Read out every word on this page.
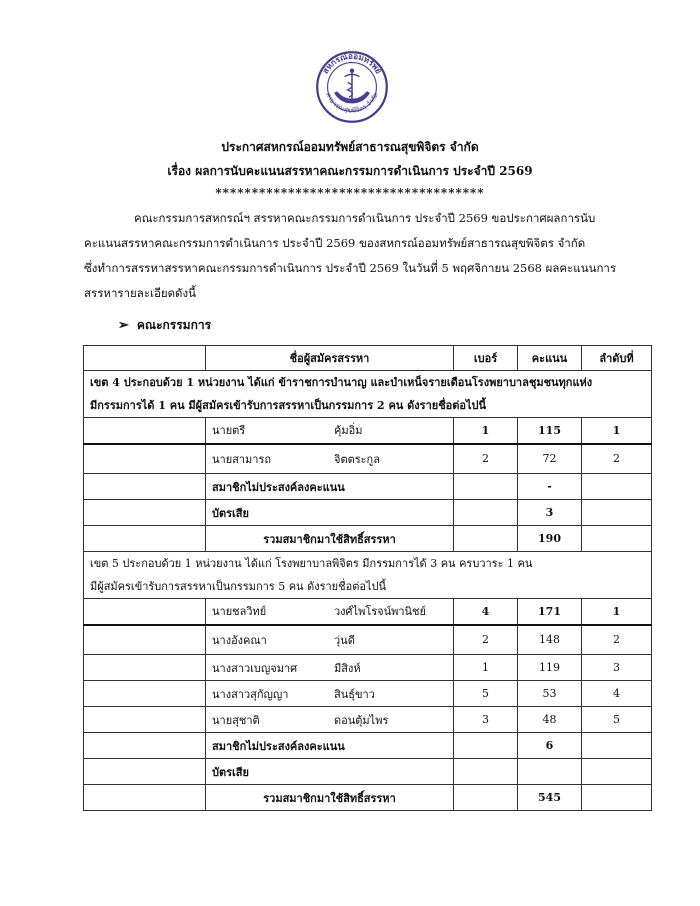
สหกรณ์ออมทรัพย์
สาธารณสุขพิจิตร จำกัด
ประกาศสหกรณ์ออมทรัพย์สาธารณสุขพิจิตร จำกัด
เรื่อง ผลการนับคะแนนสรรหาคณะกรรมการดำเนินการ ประจำปี 2569
*************************************
คณะกรรมการสหกรณ์ฯ สรรหาคณะกรรมการดำเนินการ ประจำปี 2569 ขอประกาศผลการนับ
คะแนนสรรหาคณะกรรมการดำเนินการ ประจำปี 2569 ของสหกรณ์ออมทรัพย์สาธารณสุขพิจิตร จำกัด
ซึ่งทำการสรรหาสรรหาคณะกรรมการดำเนินการ ประจำปี 2569 ในวันที่ 5 พฤศจิกายน 2568 ผลคะแนนการ
สรรหารายละเอียดดังนี้
➢ คณะกรรมการ
	ชื่อผู้สมัครสรรหา	เบอร์	คะแนน	ลำดับที่

เขต 4 ประกอบด้วย 1 หน่วยงาน ได้แก่ ข้าราชการบำนาญ และบำเหน็จรายเดือนโรงพยาบาลชุมชนทุกแห่ง
มีกรรมการได้ 1 คน มีผู้สมัครเข้ารับการสรรหาเป็นกรรมการ 2 คน ดังรายชื่อต่อไปนี้				

	นายตรี คุ้มอิ่ม	1	115	1
	นายสามารถ จิตตระกูล	2	72	2
	สมาชิกไม่ประสงค์ลงคะแนน		-	
	บัตรเสีย		3	
	รวมสมาชิกมาใช้สิทธิ์สรรหา		190	

เขต 5 ประกอบด้วย 1 หน่วยงาน ได้แก่ โรงพยาบาลพิจิตร มีกรรมการได้ 3 คน ครบวาระ 1 คน
มีผู้สมัครเข้ารับการสรรหาเป็นกรรมการ 5 คน ดังรายชื่อต่อไปนี้				

	นายชลวิทย์ วงศ์ไพโรจน์พานิชย์	4	171	1
	นางอังคณา วุ่นดี	2	148	2
	นางสาวเบญจมาศ มีสิงห์	1	119	3
	นางสาวสุกัญญา สินธุ์ขาว	5	53	4
	นายสุชาติ ดอนตุ้มไพร	3	48	5
	สมาชิกไม่ประสงค์ลงคะแนน		6	
	บัตรเสีย			
	รวมสมาชิกมาใช้สิทธิ์สรรหา		545	
